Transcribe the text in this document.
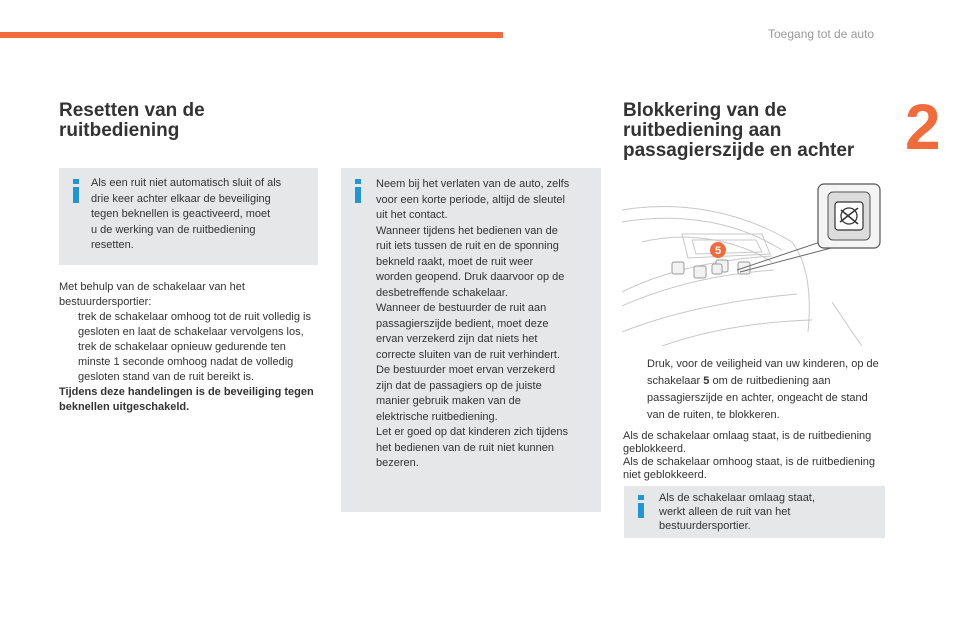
Toegang tot de auto
2
Resetten van de
ruitbediening

Als een ruit niet automatisch sluit of als
drie keer achter elkaar de beveiliging
tegen beknellen is geactiveerd, moet
u de werking van de ruitbediening
resetten.

Met behulp van de schakelaar van het bestuurdersportier:
trek de schakelaar omhoog tot de ruit volledig is gesloten en laat de schakelaar vervolgens los,
trek de schakelaar opnieuw gedurende ten minste 1 seconde omhoog nadat de volledig gesloten stand van de ruit bereikt is.
Tijdens deze handelingen is de beveiliging tegen beknellen uitgeschakeld.

Neem bij het verlaten van de auto, zelfs
voor een korte periode, altijd de sleutel
uit het contact.
Wanneer tijdens het bedienen van de
ruit iets tussen de ruit en de sponning
bekneld raakt, moet de ruit weer
worden geopend. Druk daarvoor op de
desbetreffende schakelaar.
Wanneer de bestuurder de ruit aan
passagierszijde bedient, moet deze
ervan verzekerd zijn dat niets het
correcte sluiten van de ruit verhindert.
De bestuurder moet ervan verzekerd
zijn dat de passagiers op de juiste
manier gebruik maken van de
elektrische ruitbediening.
Let er goed op dat kinderen zich tijdens
het bedienen van de ruit niet kunnen
bezeren.

Blokkering van de
ruitbediening aan
passagierszijde en achter
5
Druk, voor de veiligheid van uw kinderen, op de schakelaar 5 om de ruitbediening aan passagierszijde en achter, ongeacht de stand van de ruiten, te blokkeren.
Als de schakelaar omlaag staat, is de ruitbediening geblokkeerd.
Als de schakelaar omhoog staat, is de ruitbediening niet geblokkeerd.

Als de schakelaar omlaag staat,
werkt alleen de ruit van het
bestuurdersportier.
